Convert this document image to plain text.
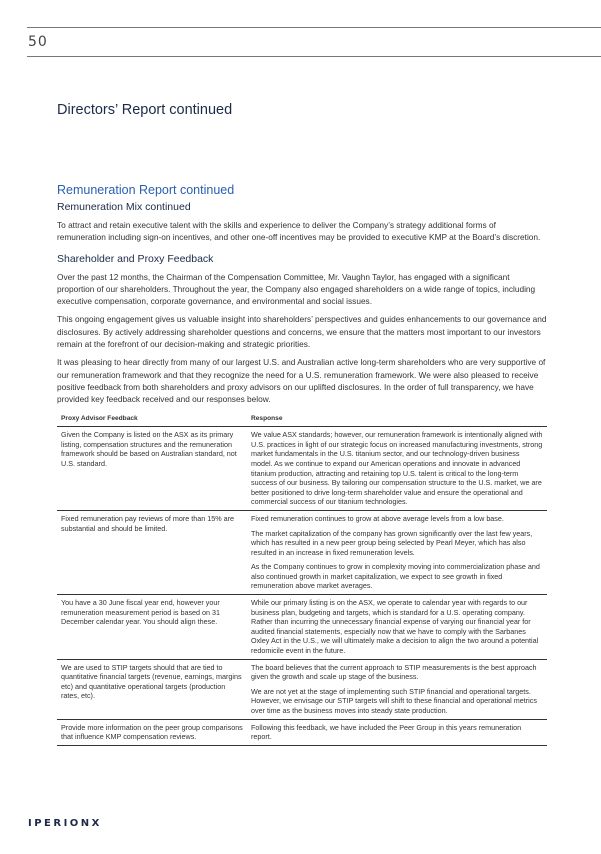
50
Directors’ Report continued
Remuneration Report continued
Remuneration Mix continued

To attract and retain executive talent with the skills and experience to deliver the Company’s strategy additional forms of remuneration including sign-on incentives, and other one-off incentives may be provided to executive KMP at the Board’s discretion.

Shareholder and Proxy Feedback

Over the past 12 months, the Chairman of the Compensation Committee, Mr. Vaughn Taylor, has engaged with a significant proportion of our shareholders. Throughout the year, the Company also engaged shareholders on a wide range of topics, including executive compensation, corporate governance, and environmental and social issues.

This ongoing engagement gives us valuable insight into shareholders’ perspectives and guides enhancements to our governance and disclosures. By actively addressing shareholder questions and concerns, we ensure that the matters most important to our investors remain at the forefront of our decision-making and strategic priorities.

It was pleasing to hear directly from many of our largest U.S. and Australian active long-term shareholders who are very supportive of our remuneration framework and that they recognize the need for a U.S. remuneration framework. We were also pleased to receive positive feedback from both shareholders and proxy advisors on our uplifted disclosures. In the order of full transparency, we have provided key feedback received and our responses below.

Proxy Advisor Feedback	Response
Given the Company is listed on the ASX as its primary listing, compensation structures and the remuneration framework should be based on Australian standard, not U.S. standard.	We value ASX standards; however, our remuneration framework is intentionally aligned with U.S. practices in light of our strategic focus on increased manufacturing investments, strong market fundamentals in the U.S. titanium sector, and our technology-driven business model. As we continue to expand our American operations and innovate in advanced titanium production, attracting and retaining top U.S. talent is critical to the long-term success of our business. By tailoring our compensation structure to the U.S. market, we are better positioned to drive long-term shareholder value and ensure the operational and commercial success of our titanium technologies.

Fixed remuneration pay reviews of more than 15% are substantial and should be limited.	Fixed remuneration continues to grow at above average levels from a low base.
The market capitalization of the company has grown significantly over the last few years, which has resulted in a new peer group being selected by Pearl Meyer, which has also resulted in an increase in fixed remuneration levels.
As the Company continues to grow in complexity moving into commercialization phase and also continued growth in market capitalization, we expect to see growth in fixed remuneration above market averages.

You have a 30 June fiscal year end, however your remuneration measurement period is based on 31 December calendar year. You should align these.	While our primary listing is on the ASX, we operate to calendar year with regards to our business plan, budgeting and targets, which is standard for a U.S. operating company. Rather than incurring the unnecessary financial expense of varying our financial year for audited financial statements, especially now that we have to comply with the Sarbanes Oxley Act in the U.S., we will ultimately make a decision to align the two around a potential redomicile event in the future.

We are used to STIP targets should that are tied to quantitative financial targets (revenue, earnings, margins etc) and quantitative operational targets (production rates, etc).	The board believes that the current approach to STIP measurements is the best approach given the growth and scale up stage of the business.
We are not yet at the stage of implementing such STIP financial and operational targets. However, we envisage our STIP targets will shift to these financial and operational metrics over time as the business moves into steady state production.

Provide more information on the peer group comparisons that influence KMP compensation reviews.	Following this feedback, we have included the Peer Group in this years remuneration report.
IPERIONX
